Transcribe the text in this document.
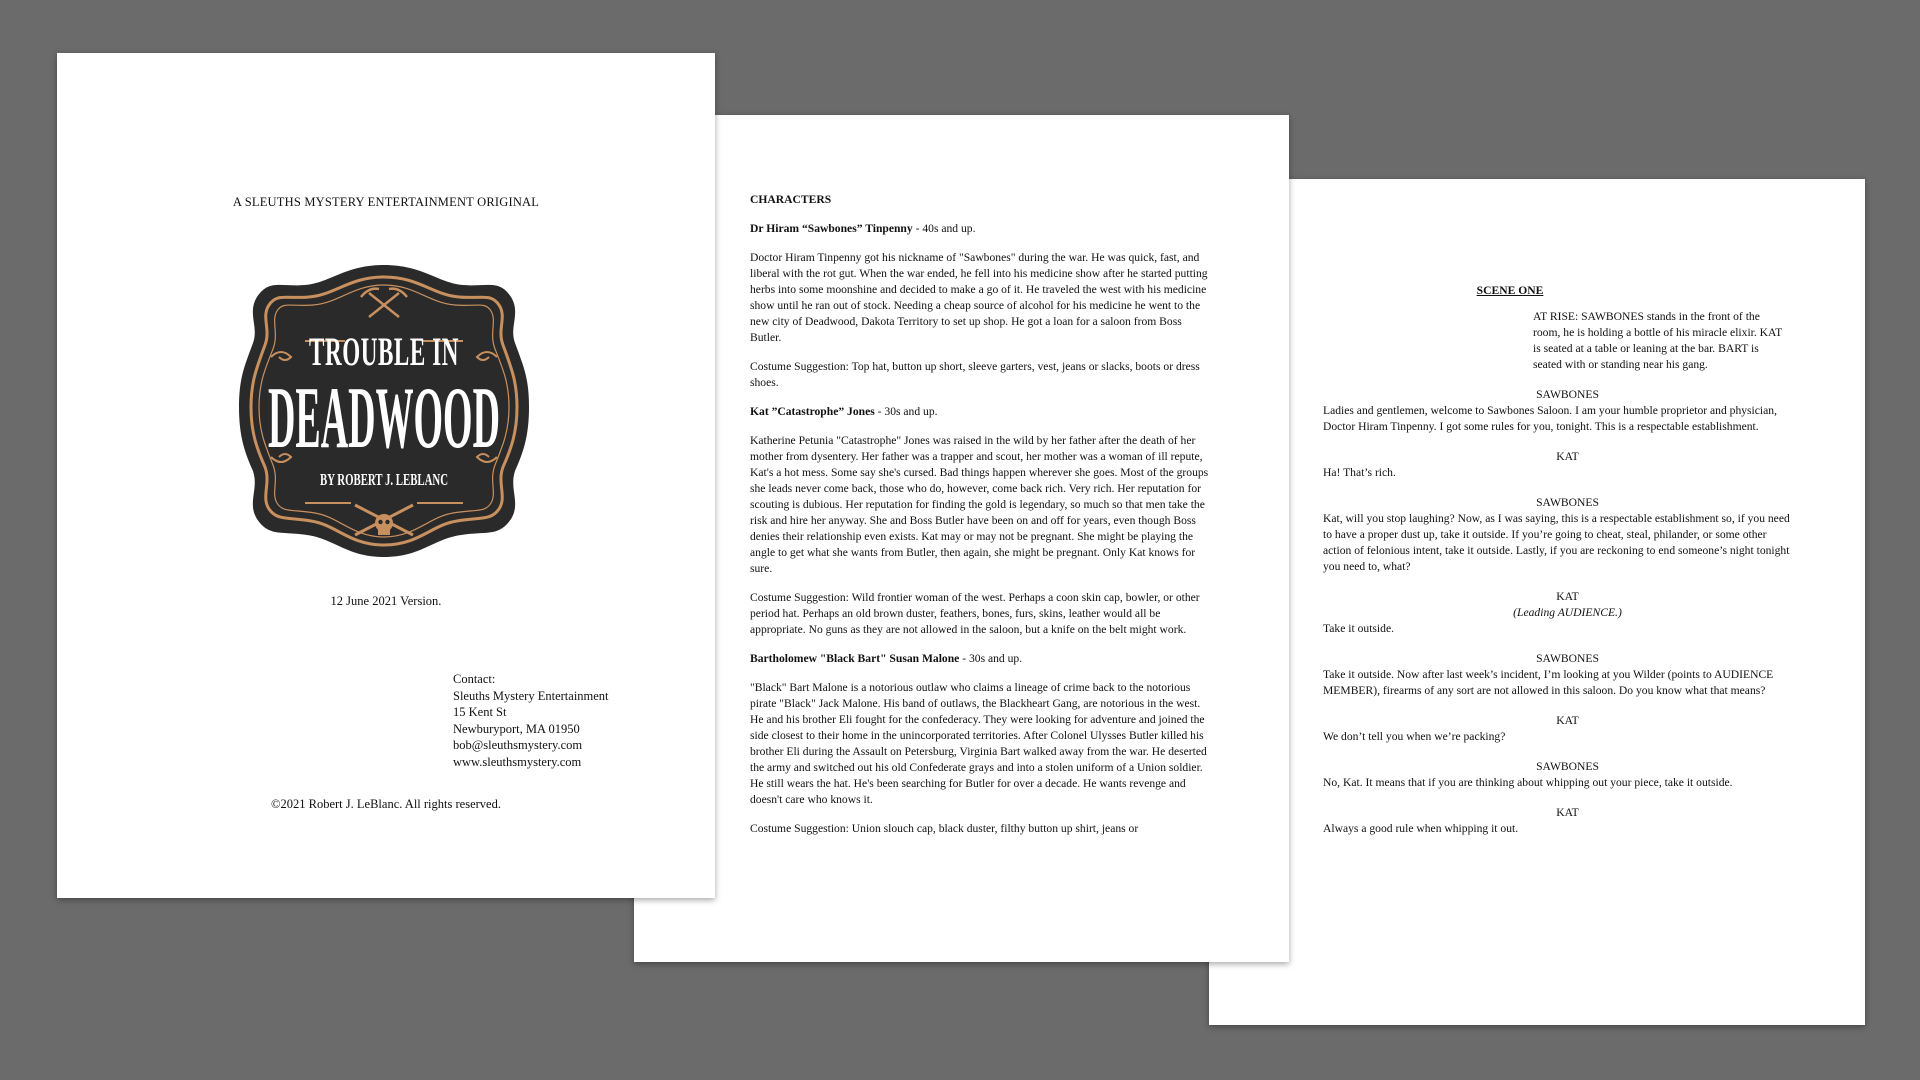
SCENE ONE
AT RISE: SAWBONES stands in the front of the room, he is holding a bottle of his miracle elixir. KAT is seated at a table or leaning at the bar. BART is seated with or standing near his gang.
SAWBONES
Ladies and gentlemen, welcome to Sawbones Saloon. I am your humble proprietor and physician, Doctor Hiram Tinpenny. I got some rules for you, tonight. This is a respectable establishment.
KAT
Ha! That’s rich.
SAWBONES
Kat, will you stop laughing? Now, as I was saying, this is a respectable establishment so, if you need to have a proper dust up, take it outside. If you’re going to cheat, steal, philander, or some other action of felonious intent, take it outside. Lastly, if you are reckoning to end someone’s night tonight you need to, what?
KAT
(Leading AUDIENCE.)
Take it outside.
SAWBONES
Take it outside. Now after last week’s incident, I’m looking at you Wilder (points to AUDIENCE MEMBER), firearms of any sort are not allowed in this saloon. Do you know what that means?
KAT
We don’t tell you when we’re packing?
SAWBONES
No, Kat. It means that if you are thinking about whipping out your piece, take it outside.
KAT
Always a good rule when whipping it out.
CHARACTERS

Dr Hiram “Sawbones” Tinpenny - 40s and up.

Doctor Hiram Tinpenny got his nickname of "Sawbones" during the war. He was quick, fast, and liberal with the rot gut. When the war ended, he fell into his medicine show after he started putting herbs into some moonshine and decided to make a go of it. He traveled the west with his medicine show until he ran out of stock. Needing a cheap source of alcohol for his medicine he went to the new city of Deadwood, Dakota Territory to set up shop. He got a loan for a saloon from Boss Butler.

Costume Suggestion: Top hat, button up short, sleeve garters, vest, jeans or slacks, boots or dress shoes.

Kat ”Catastrophe” Jones - 30s and up.

Katherine Petunia "Catastrophe" Jones was raised in the wild by her father after the death of her mother from dysentery. Her father was a trapper and scout, her mother was a woman of ill repute, Kat's a hot mess. Some say she's cursed. Bad things happen wherever she goes. Most of the groups she leads never come back, those who do, however, come back rich. Very rich. Her reputation for scouting is dubious. Her reputation for finding the gold is legendary, so much so that men take the risk and hire her anyway. She and Boss Butler have been on and off for years, even though Boss denies their relationship even exists. Kat may or may not be pregnant. She might be playing the angle to get what she wants from Butler, then again, she might be pregnant. Only Kat knows for sure.

Costume Suggestion: Wild frontier woman of the west. Perhaps a coon skin cap, bowler, or other period hat. Perhaps an old brown duster, feathers, bones, furs, skins, leather would all be appropriate. No guns as they are not allowed in the saloon, but a knife on the belt might work.

Bartholomew "Black Bart" Susan Malone - 30s and up.

"Black" Bart Malone is a notorious outlaw who claims a lineage of crime back to the notorious pirate "Black" Jack Malone. His band of outlaws, the Blackheart Gang, are notorious in the west. He and his brother Eli fought for the confederacy. They were looking for adventure and joined the side closest to their home in the unincorporated territories. After Colonel Ulysses Butler killed his brother Eli during the Assault on Petersburg, Virginia Bart walked away from the war. He deserted the army and switched out his old Confederate grays and into a stolen uniform of a Union soldier. He still wears the hat. He's been searching for Butler for over a decade. He wants revenge and doesn't care who knows it.

Costume Suggestion: Union slouch cap, black duster, filthy button up shirt, jeans or

A SLEUTHS MYSTERY ENTERTAINMENT ORIGINAL
TROUBLE IN
DEADWOOD
BY ROBERT J. LEBLANC
12 June 2021 Version.
Contact:
Sleuths Mystery Entertainment
15 Kent St
Newburyport, MA 01950
bob@sleuthsmystery.com
www.sleuthsmystery.com
©2021 Robert J. LeBlanc. All rights reserved.
